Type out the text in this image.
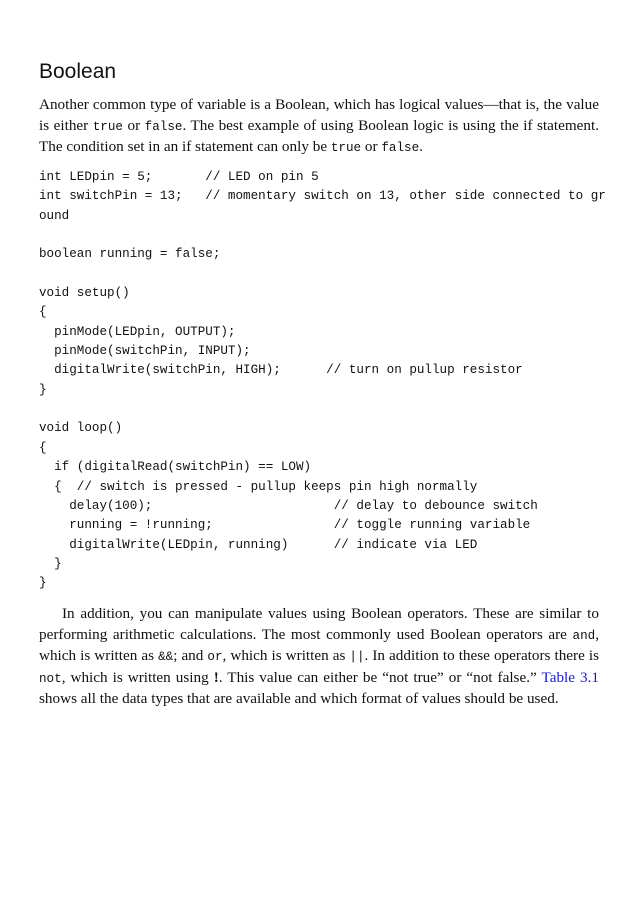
Boolean

Another common type of variable is a Boolean, which has logical values—that is, the value is either true or false. The best example of using Boolean logic is using the if statement. The condition set in an if statement can only be true or false.

int LEDpin = 5;       // LED on pin 5
int switchPin = 13;   // momentary switch on 13, other side connected to gr
ound

boolean running = false;

void setup()
{
pinMode(LEDpin, OUTPUT);
pinMode(switchPin, INPUT);
digitalWrite(switchPin, HIGH);      // turn on pullup resistor
}

void loop()
{
if (digitalRead(switchPin) == LOW)
{  // switch is pressed - pullup keeps pin high normally
delay(100);                        // delay to debounce switch
running = !running;                // toggle running variable
digitalWrite(LEDpin, running)      // indicate via LED
}
}

In addition, you can manipulate values using Boolean operators. These are similar to performing arithmetic calculations. The most commonly used Boolean operators are and, which is written as &&; and or, which is written as ||. In addition to these operators there is not, which is written using !. This value can either be “not true” or “not false.” Table 3.1 shows all the data types that are available and which format of values should be used.
